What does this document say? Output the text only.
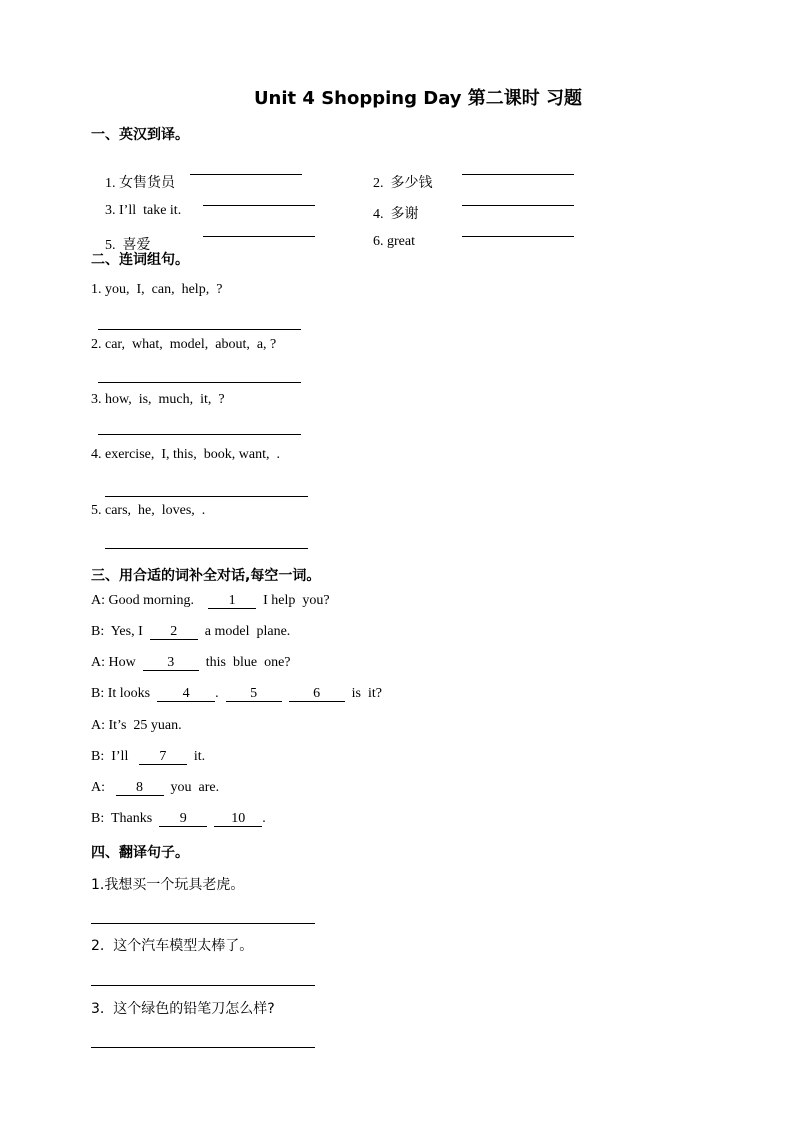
Unit 4 Shopping Day 第二课时 习题
一、英汉到译。

1. 女售货员
	2. 多少钱

3. I’ll  take it.
	4. 多谢

5. 喜爱
	6. great

二、连词组句。
1. you,  I,  can,  help,  ?
2. car,  what,  model,  about,  a, ?
3. how,  is,  much,  it,  ?
4. exercise,  I, this,  book, want,  .
5. cars,  he,  loves,  .
三、用合适的词补全对话,每空一词。
A: Good morning. 1 I help  you?
B: Yes, I 2 a model  plane.
A: How 3 this  blue  one?
B: It looks 4 . 5	6 is  it?
A: It’s  25 yuan.
B: I’ll 7 it.
A: 8 you  are.
B: Thanks 9	10 .
四、翻译句子。
1.我想买一个玩具老虎。
2.  这个汽车模型太棒了。
3.  这个绿色的铅笔刀怎么样?
